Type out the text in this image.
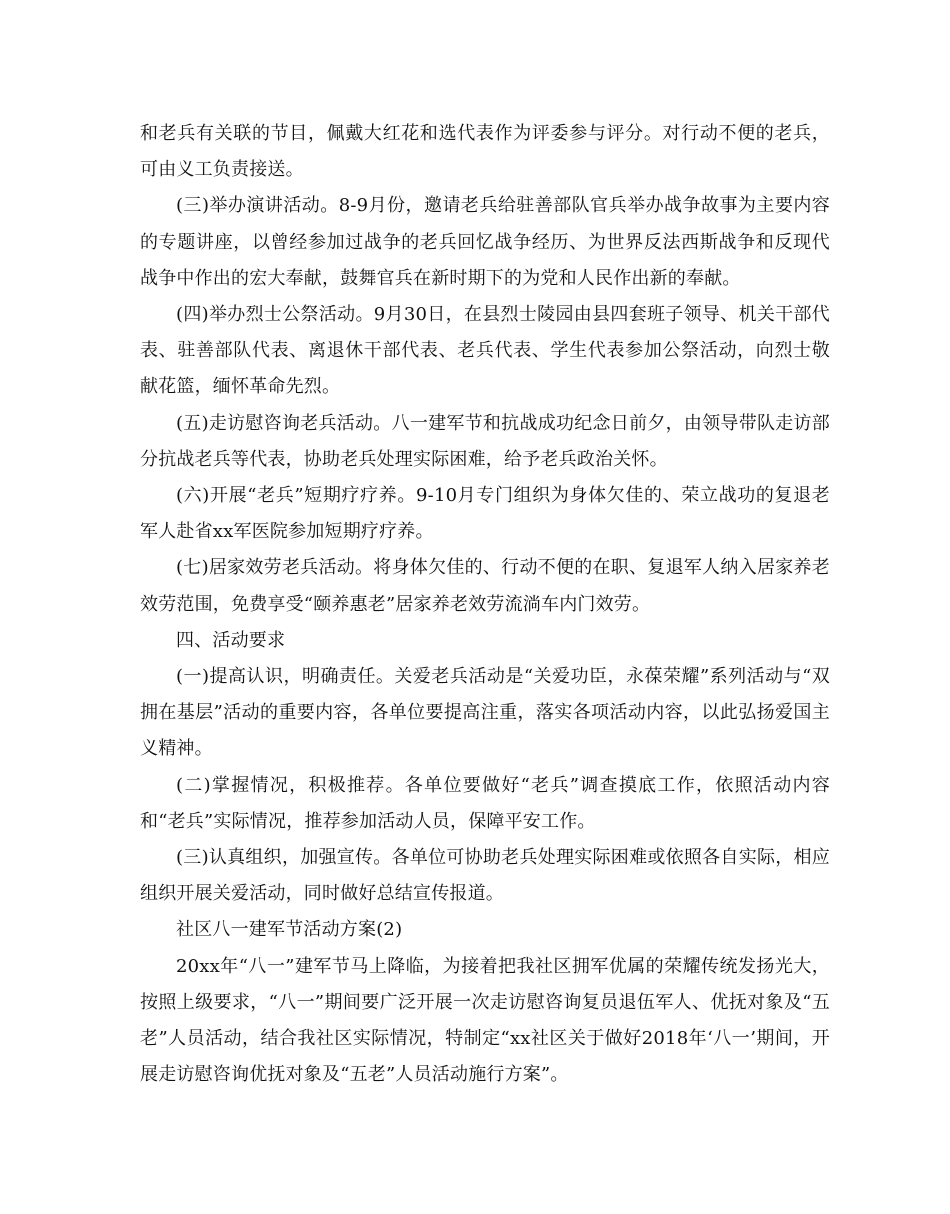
和老兵有关联的节目，佩戴大红花和选代表作为评委参与评分。对行动不便的老兵，可由义工负责接送。

(三)举办演讲活动。8-9月份，邀请老兵给驻善部队官兵举办战争故事为主要内容的专题讲座，以曾经参加过战争的老兵回忆战争经历、为世界反法西斯战争和反现代战争中作出的宏大奉献，鼓舞官兵在新时期下的为党和人民作出新的奉献。

(四)举办烈士公祭活动。9月30日，在县烈士陵园由县四套班子领导、机关干部代表、驻善部队代表、离退休干部代表、老兵代表、学生代表参加公祭活动，向烈士敬献花篮，缅怀革命先烈。

(五)走访慰咨询老兵活动。八一建军节和抗战成功纪念日前夕，由领导带队走访部分抗战老兵等代表，协助老兵处理实际困难，给予老兵政治关怀。

(六)开展“老兵”短期疗疗养。9-10月专门组织为身体欠佳的、荣立战功的复退老军人赴省xx军医院参加短期疗疗养。

(七)居家效劳老兵活动。将身体欠佳的、行动不便的在职、复退军人纳入居家养老效劳范围，免费享受“颐养惠老”居家养老效劳流淌车内门效劳。

四、活动要求

(一)提高认识，明确责任。关爱老兵活动是“关爱功臣，永葆荣耀”系列活动与“双拥在基层”活动的重要内容，各单位要提高注重，落实各项活动内容，以此弘扬爱国主义精神。

(二)掌握情况，积极推荐。各单位要做好“老兵”调查摸底工作，依照活动内容和“老兵”实际情况，推荐参加活动人员，保障平安工作。

(三)认真组织，加强宣传。各单位可协助老兵处理实际困难或依照各自实际，相应组织开展关爱活动，同时做好总结宣传报道。

社区八一建军节活动方案(2)

20xx年“八一”建军节马上降临，为接着把我社区拥军优属的荣耀传统发扬光大，按照上级要求，“八一”期间要广泛开展一次走访慰咨询复员退伍军人、优抚对象及“五老”人员活动，结合我社区实际情况，特制定“xx社区关于做好2018年‘八一’期间，开展走访慰咨询优抚对象及“五老”人员活动施行方案”。
